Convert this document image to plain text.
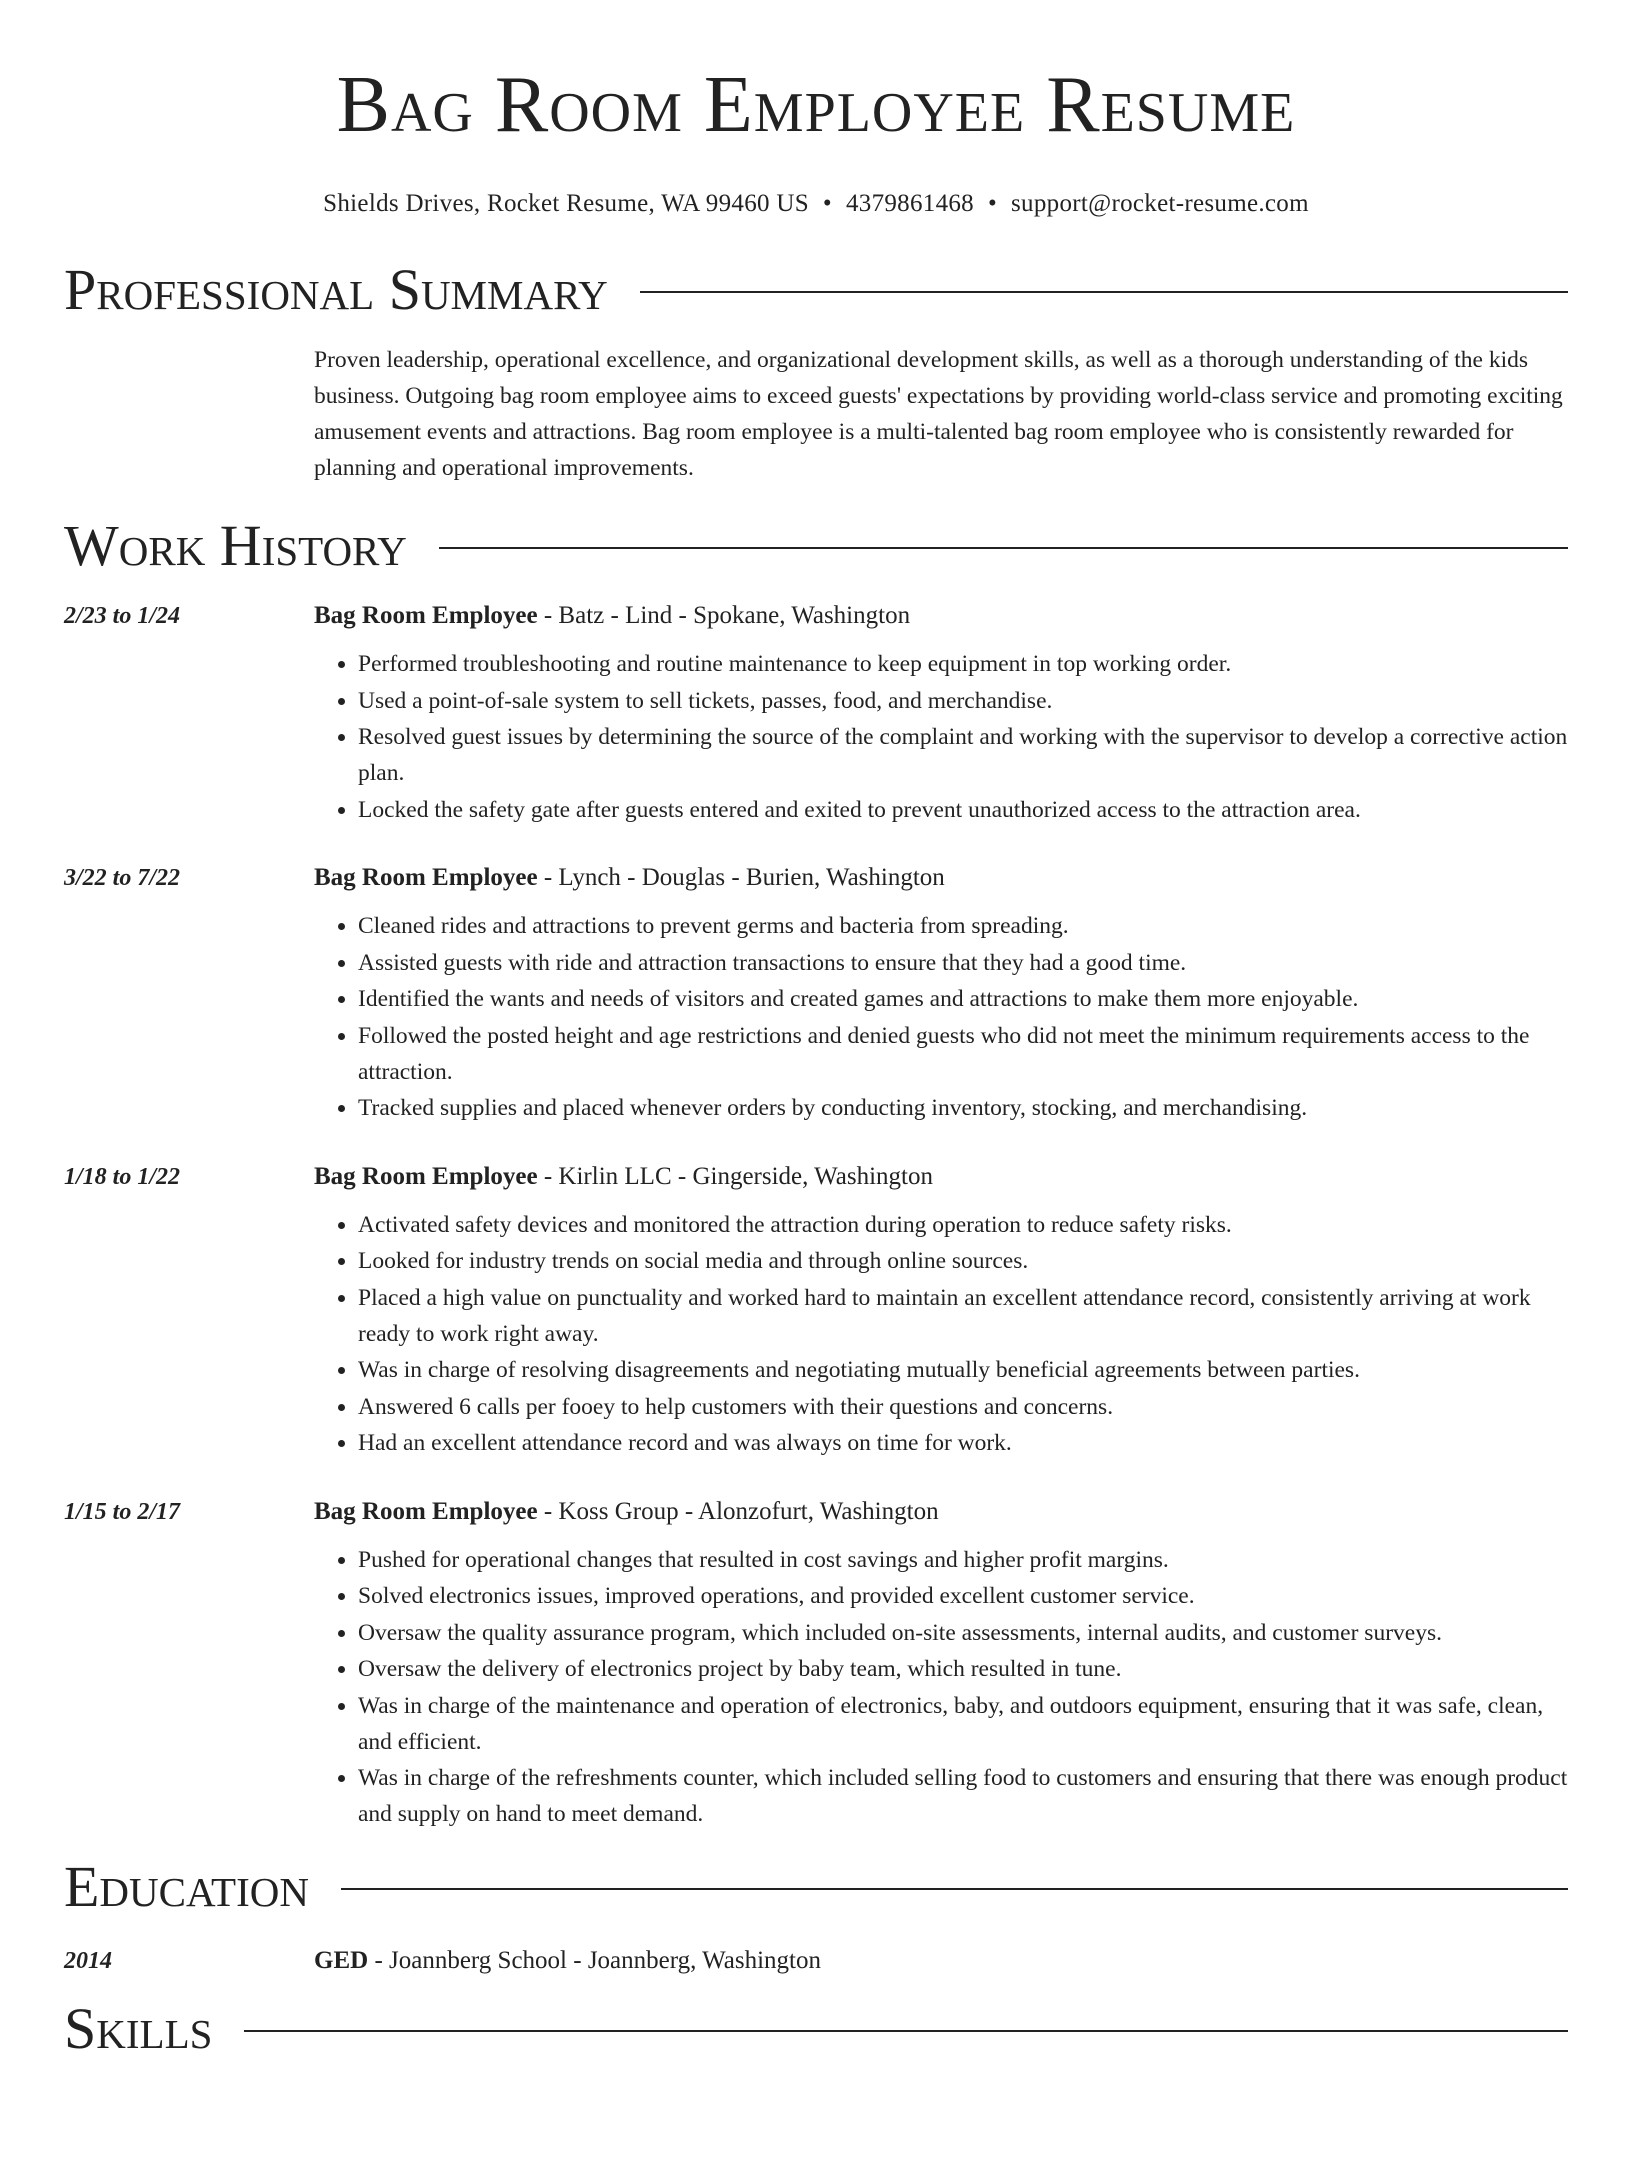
Bag Room Employee Resume
Shields Drives, Rocket Resume, WA 99460 US • 4379861468 • support@rocket-resume.com
Professional Summary
Proven leadership, operational excellence, and organizational development skills, as well as a thorough understanding of the kids business. Outgoing bag room employee aims to exceed guests' expectations by providing world-class service and promoting exciting amusement events and attractions. Bag room employee is a multi-talented bag room employee who is consistently rewarded for planning and operational improvements.
Work History
2/23 to 1/24	Bag Room Employee - Batz - Lind - Spokane, Washington
• Performed troubleshooting and routine maintenance to keep equipment in top working order.
• Used a point-of-sale system to sell tickets, passes, food, and merchandise.
• Resolved guest issues by determining the source of the complaint and working with the supervisor to develop a corrective action plan.
• Locked the safety gate after guests entered and exited to prevent unauthorized access to the attraction area.
3/22 to 7/22	Bag Room Employee - Lynch - Douglas - Burien, Washington
• Cleaned rides and attractions to prevent germs and bacteria from spreading.
• Assisted guests with ride and attraction transactions to ensure that they had a good time.
• Identified the wants and needs of visitors and created games and attractions to make them more enjoyable.
• Followed the posted height and age restrictions and denied guests who did not meet the minimum requirements access to the attraction.
• Tracked supplies and placed whenever orders by conducting inventory, stocking, and merchandising.
1/18 to 1/22	Bag Room Employee - Kirlin LLC - Gingerside, Washington
• Activated safety devices and monitored the attraction during operation to reduce safety risks.
• Looked for industry trends on social media and through online sources.
• Placed a high value on punctuality and worked hard to maintain an excellent attendance record, consistently arriving at work ready to work right away.
• Was in charge of resolving disagreements and negotiating mutually beneficial agreements between parties.
• Answered 6 calls per fooey to help customers with their questions and concerns.
• Had an excellent attendance record and was always on time for work.
1/15 to 2/17	Bag Room Employee - Koss Group - Alonzofurt, Washington
• Pushed for operational changes that resulted in cost savings and higher profit margins.
• Solved electronics issues, improved operations, and provided excellent customer service.
• Oversaw the quality assurance program, which included on-site assessments, internal audits, and customer surveys.
• Oversaw the delivery of electronics project by baby team, which resulted in tune.
• Was in charge of the maintenance and operation of electronics, baby, and outdoors equipment, ensuring that it was safe, clean, and efficient.
• Was in charge of the refreshments counter, which included selling food to customers and ensuring that there was enough product and supply on hand to meet demand.
Education
2014	GED - Joannberg School - Joannberg, Washington
Skills
